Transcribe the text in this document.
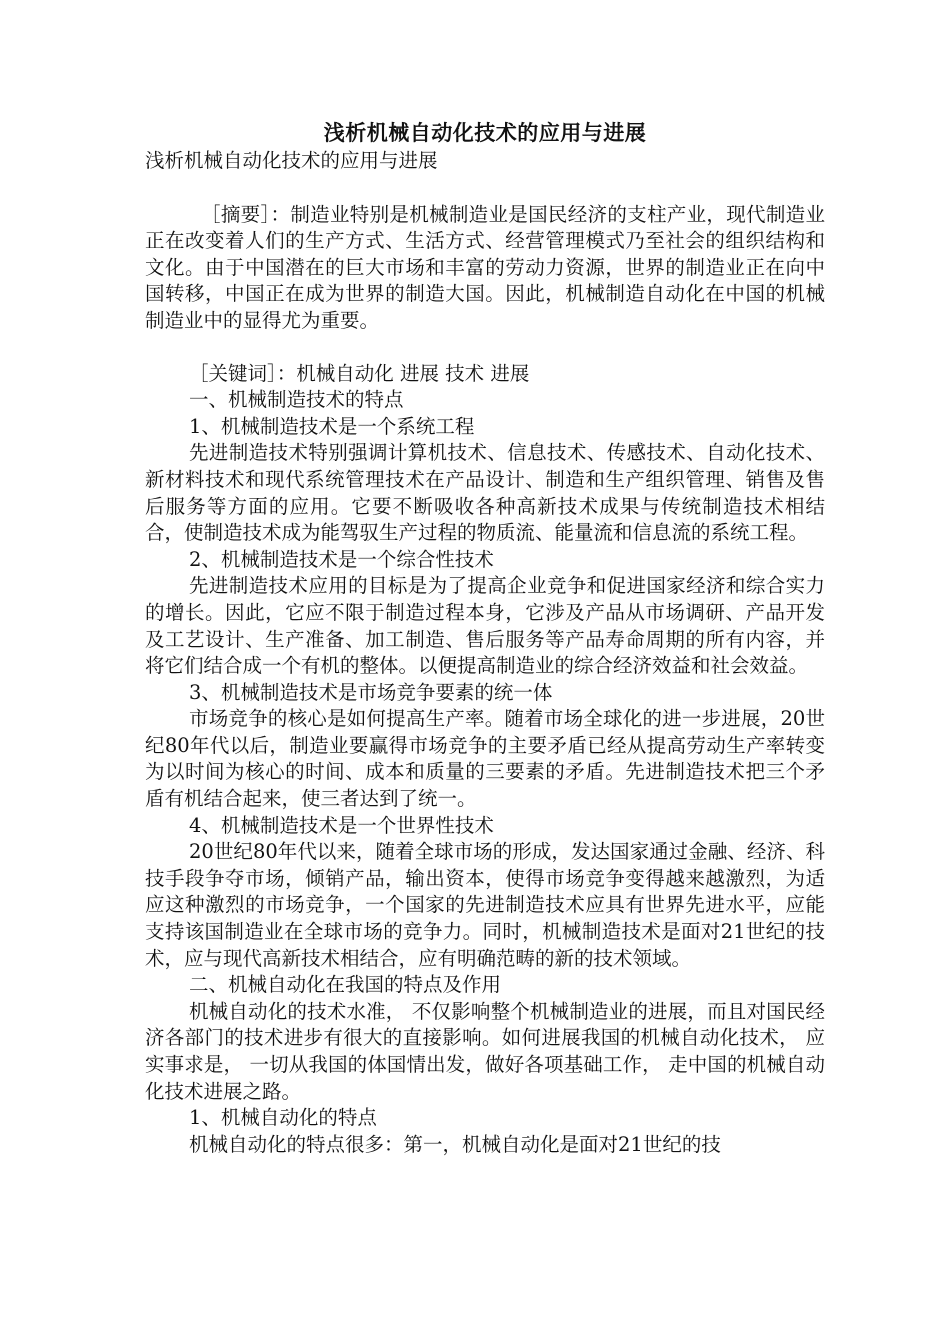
浅析机械自动化技术的应用与进展

浅析机械自动化技术的应用与进展

［摘要］：制造业特别是机械制造业是国民经济的支柱产业，现代制造业正在改变着人们的生产方式、生活方式、经营管理模式乃至社会的组织结构和文化。由于中国潜在的巨大市场和丰富的劳动力资源，世界的制造业正在向中国转移，中国正在成为世界的制造大国。因此，机械制造自动化在中国的机械制造业中的显得尤为重要。

［关键词］：机械自动化 进展 技术 进展

一、机械制造技术的特点

1、机械制造技术是一个系统工程

先进制造技术特别强调计算机技术、信息技术、传感技术、自动化技术、新材料技术和现代系统管理技术在产品设计、制造和生产组织管理、销售及售后服务等方面的应用。它要不断吸收各种高新技术成果与传统制造技术相结合，使制造技术成为能驾驭生产过程的物质流、能量流和信息流的系统工程。

2、机械制造技术是一个综合性技术

先进制造技术应用的目标是为了提高企业竞争和促进国家经济和综合实力的增长。因此，它应不限于制造过程本身，它涉及产品从市场调研、产品开发及工艺设计、生产准备、加工制造、售后服务等产品寿命周期的所有内容，并将它们结合成一个有机的整体。以便提高制造业的综合经济效益和社会效益。

3、机械制造技术是市场竞争要素的统一体

市场竞争的核心是如何提高生产率。随着市场全球化的进一步进展，20世纪80年代以后，制造业要赢得市场竞争的主要矛盾已经从提高劳动生产率转变为以时间为核心的时间、成本和质量的三要素的矛盾。先进制造技术把三个矛盾有机结合起来，使三者达到了统一。

4、机械制造技术是一个世界性技术

20世纪80年代以来，随着全球市场的形成，发达国家通过金融、经济、科技手段争夺市场，倾销产品，输出资本，使得市场竞争变得越来越激烈，为适应这种激烈的市场竞争，一个国家的先进制造技术应具有世界先进水平，应能支持该国制造业在全球市场的竞争力。同时，机械制造技术是面对21世纪的技术，应与现代高新技术相结合，应有明确范畴的新的技术领域。

二、机械自动化在我国的特点及作用

机械自动化的技术水准， 不仅影响整个机械制造业的进展，而且对国民经济各部门的技术进步有很大的直接影响。如何进展我国的机械自动化技术， 应实事求是， 一切从我国的体国情出发，做好各项基础工作， 走中国的机械自动化技术进展之路。

1、机械自动化的特点

机械自动化的特点很多：第一，机械自动化是面对21世纪的技
